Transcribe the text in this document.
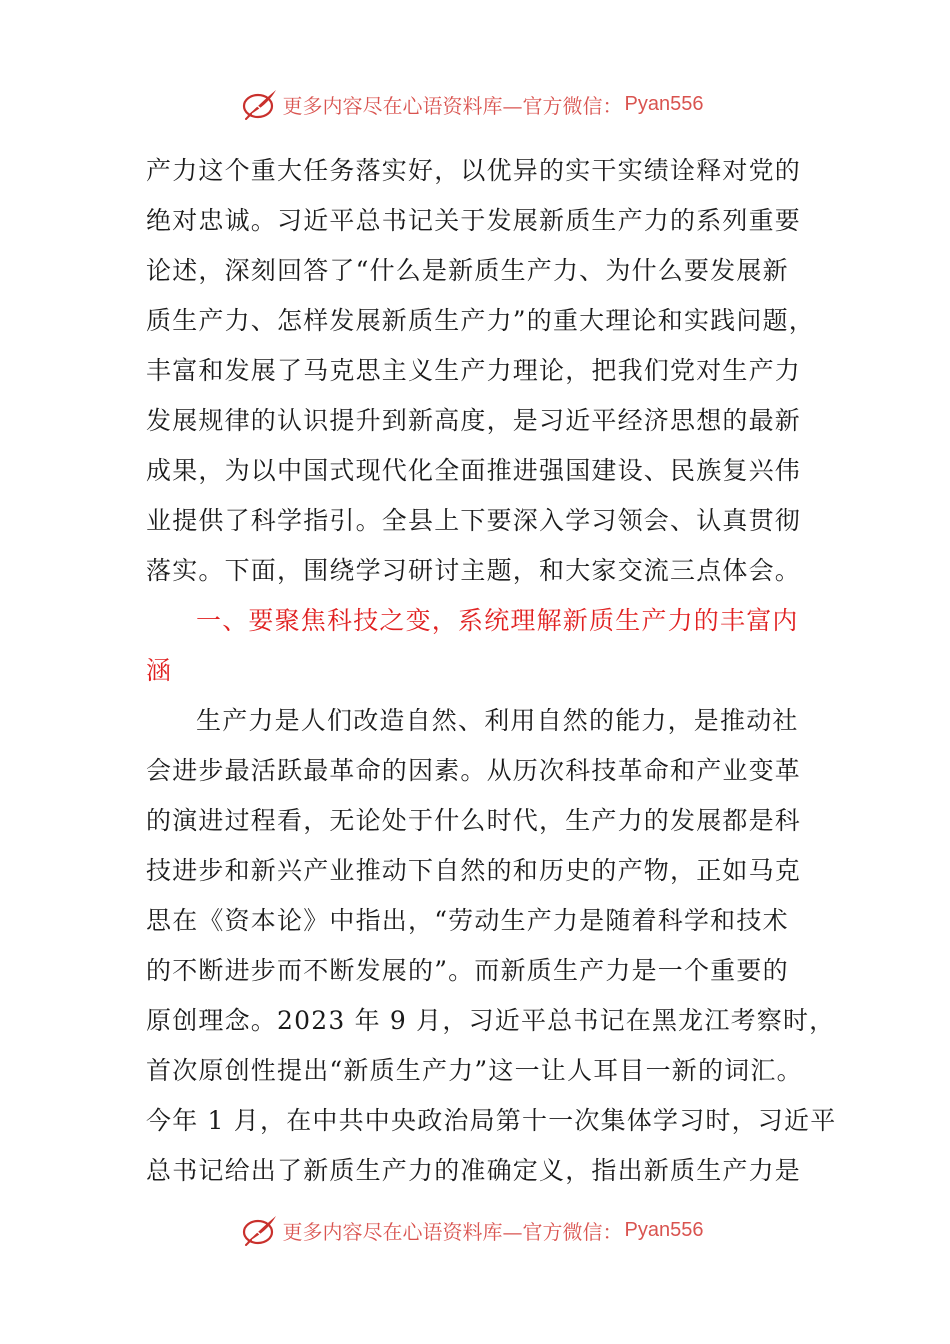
更多内容尽在心语资料库—官方微信： Pyan556
产力这个重大任务落实好，以优异的实干实绩诠释对党的
绝对忠诚。习近平总书记关于发展新质生产力的系列重要
论述，深刻回答了“什么是新质生产力、为什么要发展新
质生产力、怎样发展新质生产力”的重大理论和实践问题，
丰富和发展了马克思主义生产力理论，把我们党对生产力
发展规律的认识提升到新高度，是习近平经济思想的最新
成果，为以中国式现代化全面推进强国建设、民族复兴伟
业提供了科学指引。全县上下要深入学习领会、认真贯彻
落实。下面，围绕学习研讨主题，和大家交流三点体会。
一、要聚焦科技之变，系统理解新质生产力的丰富内
涵
生产力是人们改造自然、利用自然的能力，是推动社
会进步最活跃最革命的因素。从历次科技革命和产业变革
的演进过程看，无论处于什么时代，生产力的发展都是科
技进步和新兴产业推动下自然的和历史的产物，正如马克
思在《资本论》中指出，“劳动生产力是随着科学和技术
的不断进步而不断发展的”。而新质生产力是一个重要的
原创理念。2023 年 9 月，习近平总书记在黑龙江考察时，
首次原创性提出“新质生产力”这一让人耳目一新的词汇。
今年 1 月，在中共中央政治局第十一次集体学习时，习近平
总书记给出了新质生产力的准确定义，指出新质生产力是
更多内容尽在心语资料库—官方微信： Pyan556
